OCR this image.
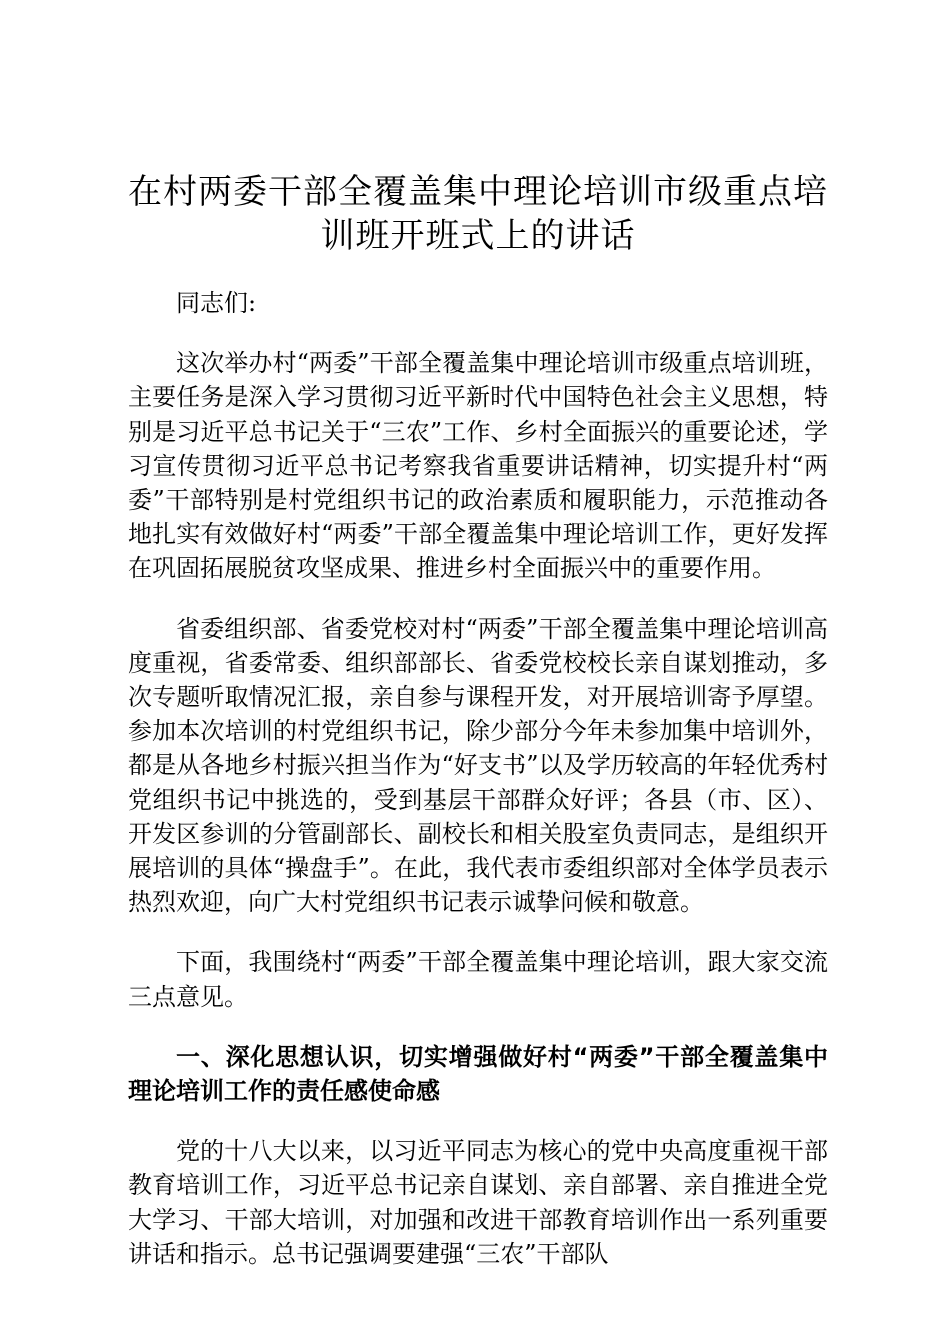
在村两委干部全覆盖集中理论培训市级重点培训班开班式上的讲话

同志们:

这次举办村“两委”干部全覆盖集中理论培训市级重点培训班，主要任务是深入学习贯彻习近平新时代中国特色社会主义思想，特别是习近平总书记关于“三农”工作、乡村全面振兴的重要论述，学习宣传贯彻习近平总书记考察我省重要讲话精神，切实提升村“两委”干部特别是村党组织书记的政治素质和履职能力，示范推动各地扎实有效做好村“两委”干部全覆盖集中理论培训工作，更好发挥在巩固拓展脱贫攻坚成果、推进乡村全面振兴中的重要作用。

省委组织部、省委党校对村“两委”干部全覆盖集中理论培训高度重视，省委常委、组织部部长、省委党校校长亲自谋划推动，多次专题听取情况汇报，亲自参与课程开发，对开展培训寄予厚望。参加本次培训的村党组织书记，除少部分今年未参加集中培训外，都是从各地乡村振兴担当作为“好支书”以及学历较高的年轻优秀村党组织书记中挑选的，受到基层干部群众好评；各县（市、区）、开发区参训的分管副部长、副校长和相关股室负责同志，是组织开展培训的具体“操盘手”。在此，我代表市委组织部对全体学员表示热烈欢迎，向广大村党组织书记表示诚挚问候和敬意。

下面，我围绕村“两委”干部全覆盖集中理论培训，跟大家交流三点意见。

一、深化思想认识，切实增强做好村“两委”干部全覆盖集中理论培训工作的责任感使命感

党的十八大以来，以习近平同志为核心的党中央高度重视干部教育培训工作，习近平总书记亲自谋划、亲自部署、亲自推进全党大学习、干部大培训，对加强和改进干部教育培训作出一系列重要讲话和指示。总书记强调要建强“三农”干部队
